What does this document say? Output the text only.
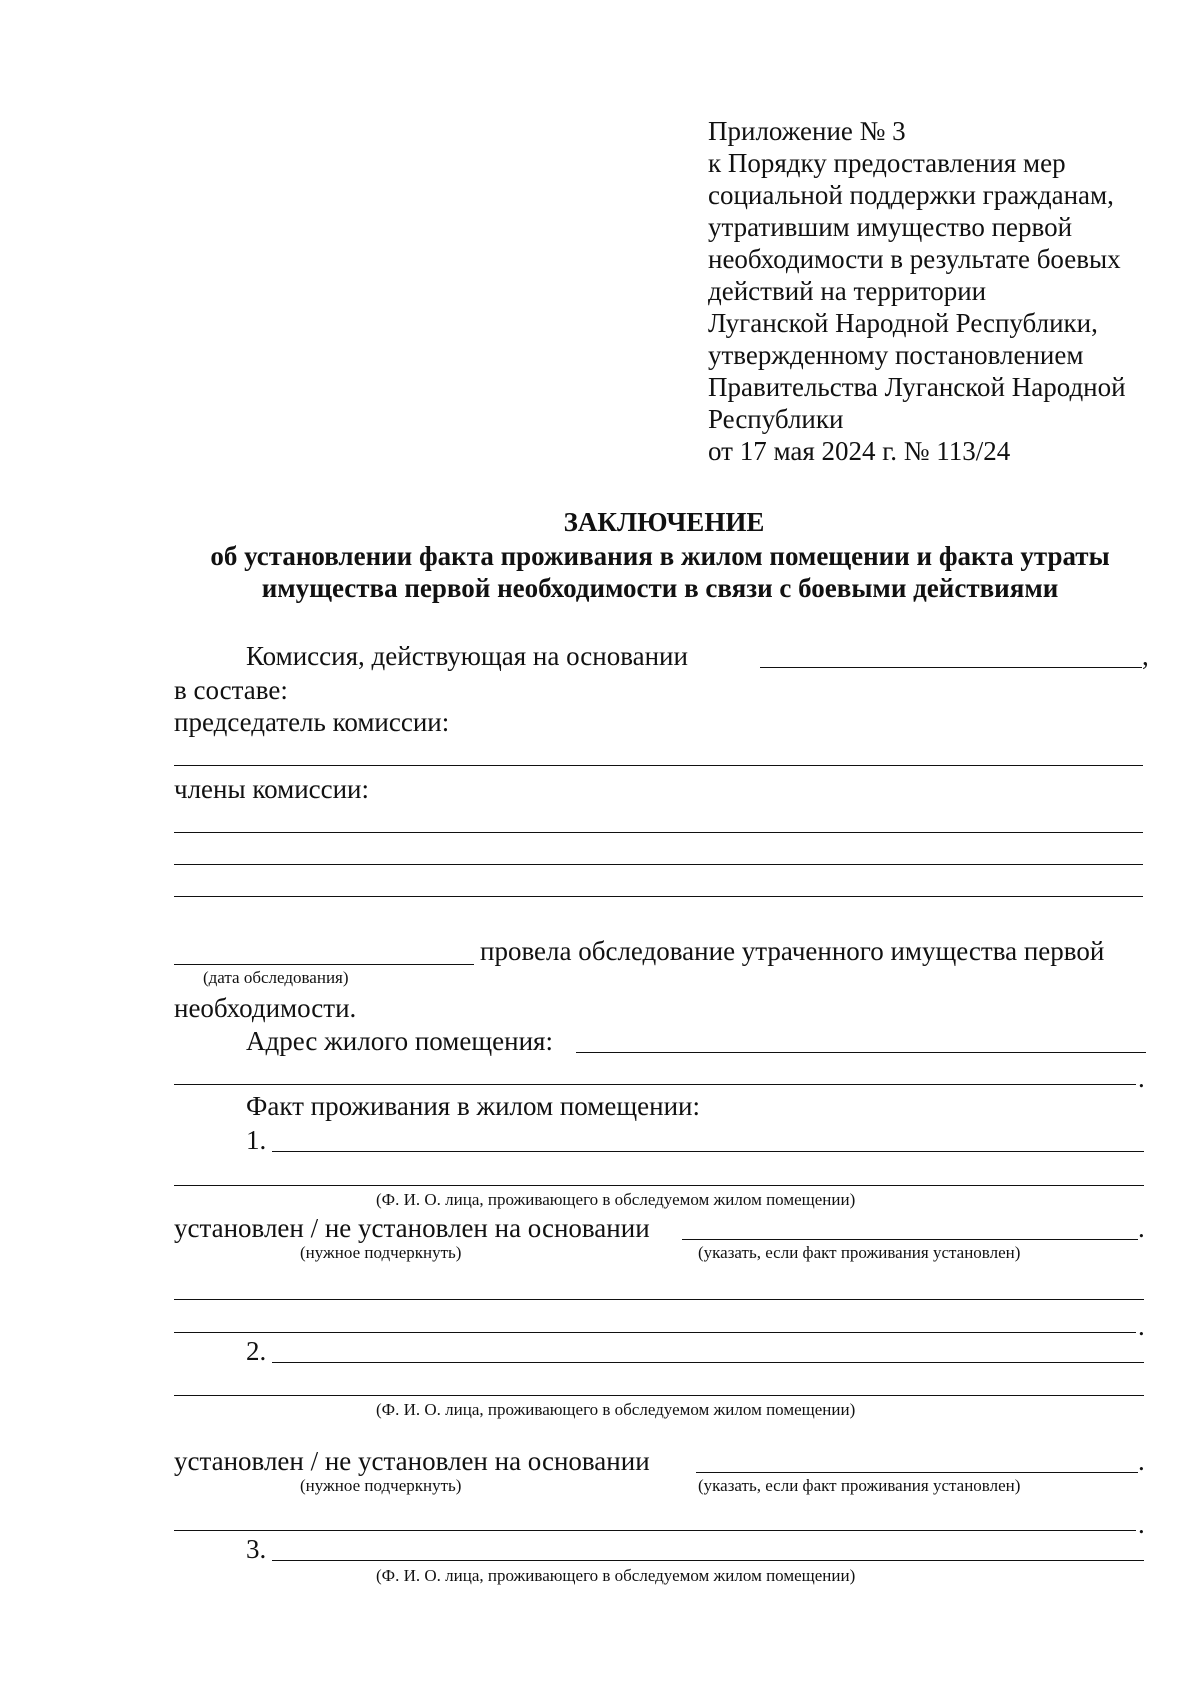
Приложение № 3
к Порядку предоставления мер
социальной поддержки гражданам,
утратившим имущество первой
необходимости в результате боевых
действий на территории
Луганской Народной Республики,
утвержденному постановлением
Правительства Луганской Народной
Республики
от 17 мая 2024 г. № 113/24
ЗАКЛЮЧЕНИЕ
об установлении факта проживания в жилом помещении и факта утраты
имущества первой необходимости в связи с боевыми действиями
Комиссия, действующая на основании	,
в составе:
председатель комиссии:
члены комиссии:
провела обследование утраченного имущества первой
(дата обследования)
необходимости.
Адрес жилого помещения:
.
Факт проживания в жилом помещении:
1.
(Ф. И. О. лица, проживающего в обследуемом жилом помещении)
установлен / не установлен на основании	.
(нужное подчеркнуть)	(указать, если факт проживания установлен)
.
2.
(Ф. И. О. лица, проживающего в обследуемом жилом помещении)
установлен / не установлен на основании	.
(нужное подчеркнуть)	(указать, если факт проживания установлен)
.
3.
(Ф. И. О. лица, проживающего в обследуемом жилом помещении)
